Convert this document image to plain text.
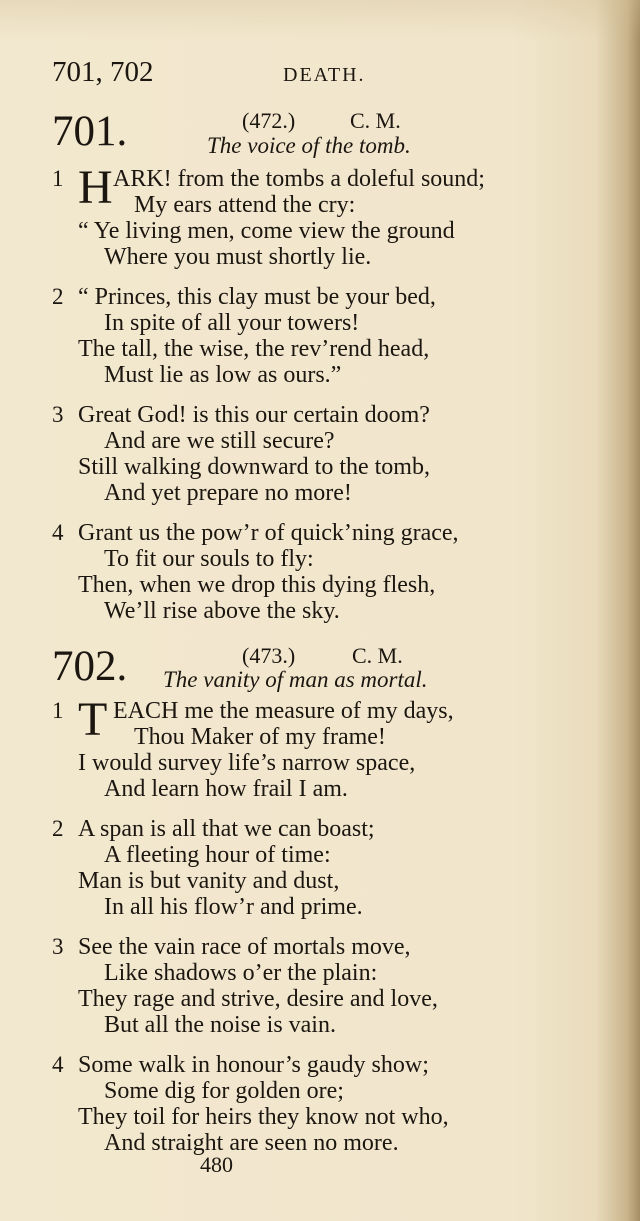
701, 702	DEATH.
701.	(472.) C. M.
The voice of the tomb.
1 H ARK! from the tombs a doleful sound;
My ears attend the cry:
“ Ye living men, come view the ground
Where you must shortly lie.
2 “ Princes, this clay must be your bed,
In spite of all your towers!
The tall, the wise, the rev’rend head,
Must lie as low as ours.”
3 Great God! is this our certain doom?
And are we still secure?
Still walking downward to the tomb,
And yet prepare no more!
4 Grant us the pow’r of quick’ning grace,
To fit our souls to fly:
Then, when we drop this dying flesh,
We’ll rise above the sky.
702.	(473.)	C. M.
The vanity of man as mortal.
1 T EACH me the measure of my days,
Thou Maker of my frame!
I would survey life’s narrow space,
And learn how frail I am.
2 A span is all that we can boast;
A fleeting hour of time:
Man is but vanity and dust,
In all his flow’r and prime.
3 See the vain race of mortals move,
Like shadows o’er the plain:
They rage and strive, desire and love,
But all the noise is vain.
4 Some walk in honour’s gaudy show;
Some dig for golden ore;
They toil for heirs they know not who,
And straight are seen no more.
480
